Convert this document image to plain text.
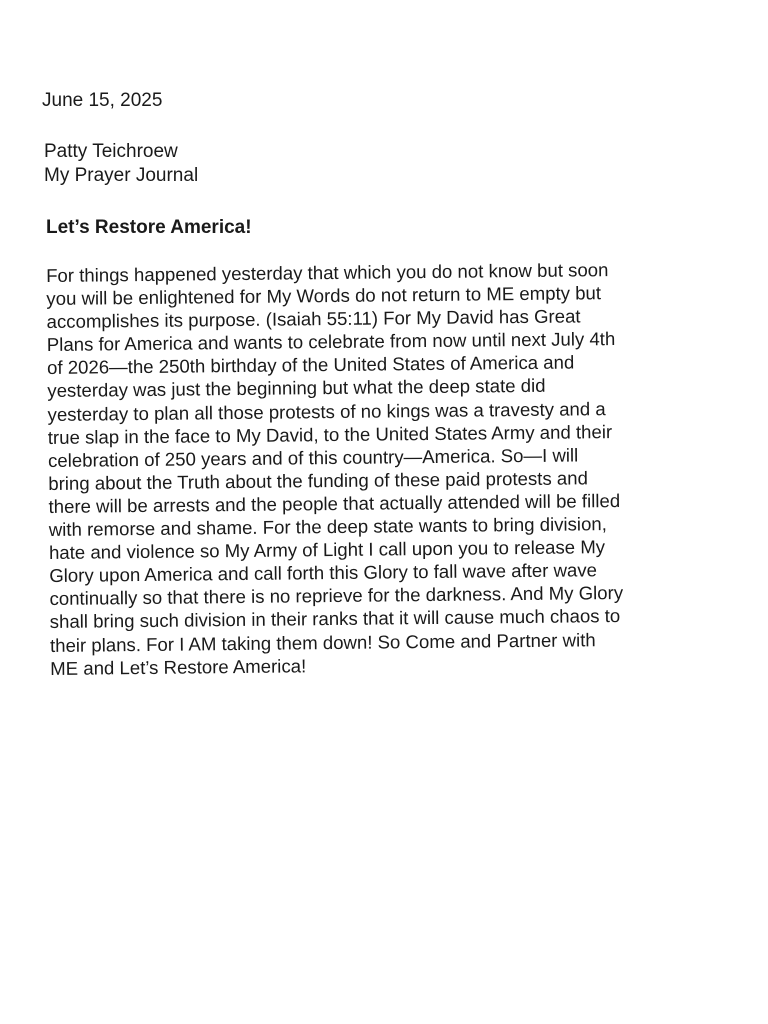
June 15, 2025
Patty Teichroew
My Prayer Journal
Let’s Restore America!
For things happened yesterday that which you do not know but soon
you will be enlightened for My Words do not return to ME empty but
accomplishes its purpose. (Isaiah 55:11) For My David has Great
Plans for America and wants to celebrate from now until next July 4th
of 2026—the 250th birthday of the United States of America and
yesterday was just the beginning but what the deep state did
yesterday to plan all those protests of no kings was a travesty and a
true slap in the face to My David, to the United States Army and their
celebration of 250 years and of this country—America. So—I will
bring about the Truth about the funding of these paid protests and
there will be arrests and the people that actually attended will be filled
with remorse and shame. For the deep state wants to bring division,
hate and violence so My Army of Light I call upon you to release My
Glory upon America and call forth this Glory to fall wave after wave
continually so that there is no reprieve for the darkness. And My Glory
shall bring such division in their ranks that it will cause much chaos to
their plans. For I AM taking them down! So Come and Partner with
ME and Let’s Restore America!
